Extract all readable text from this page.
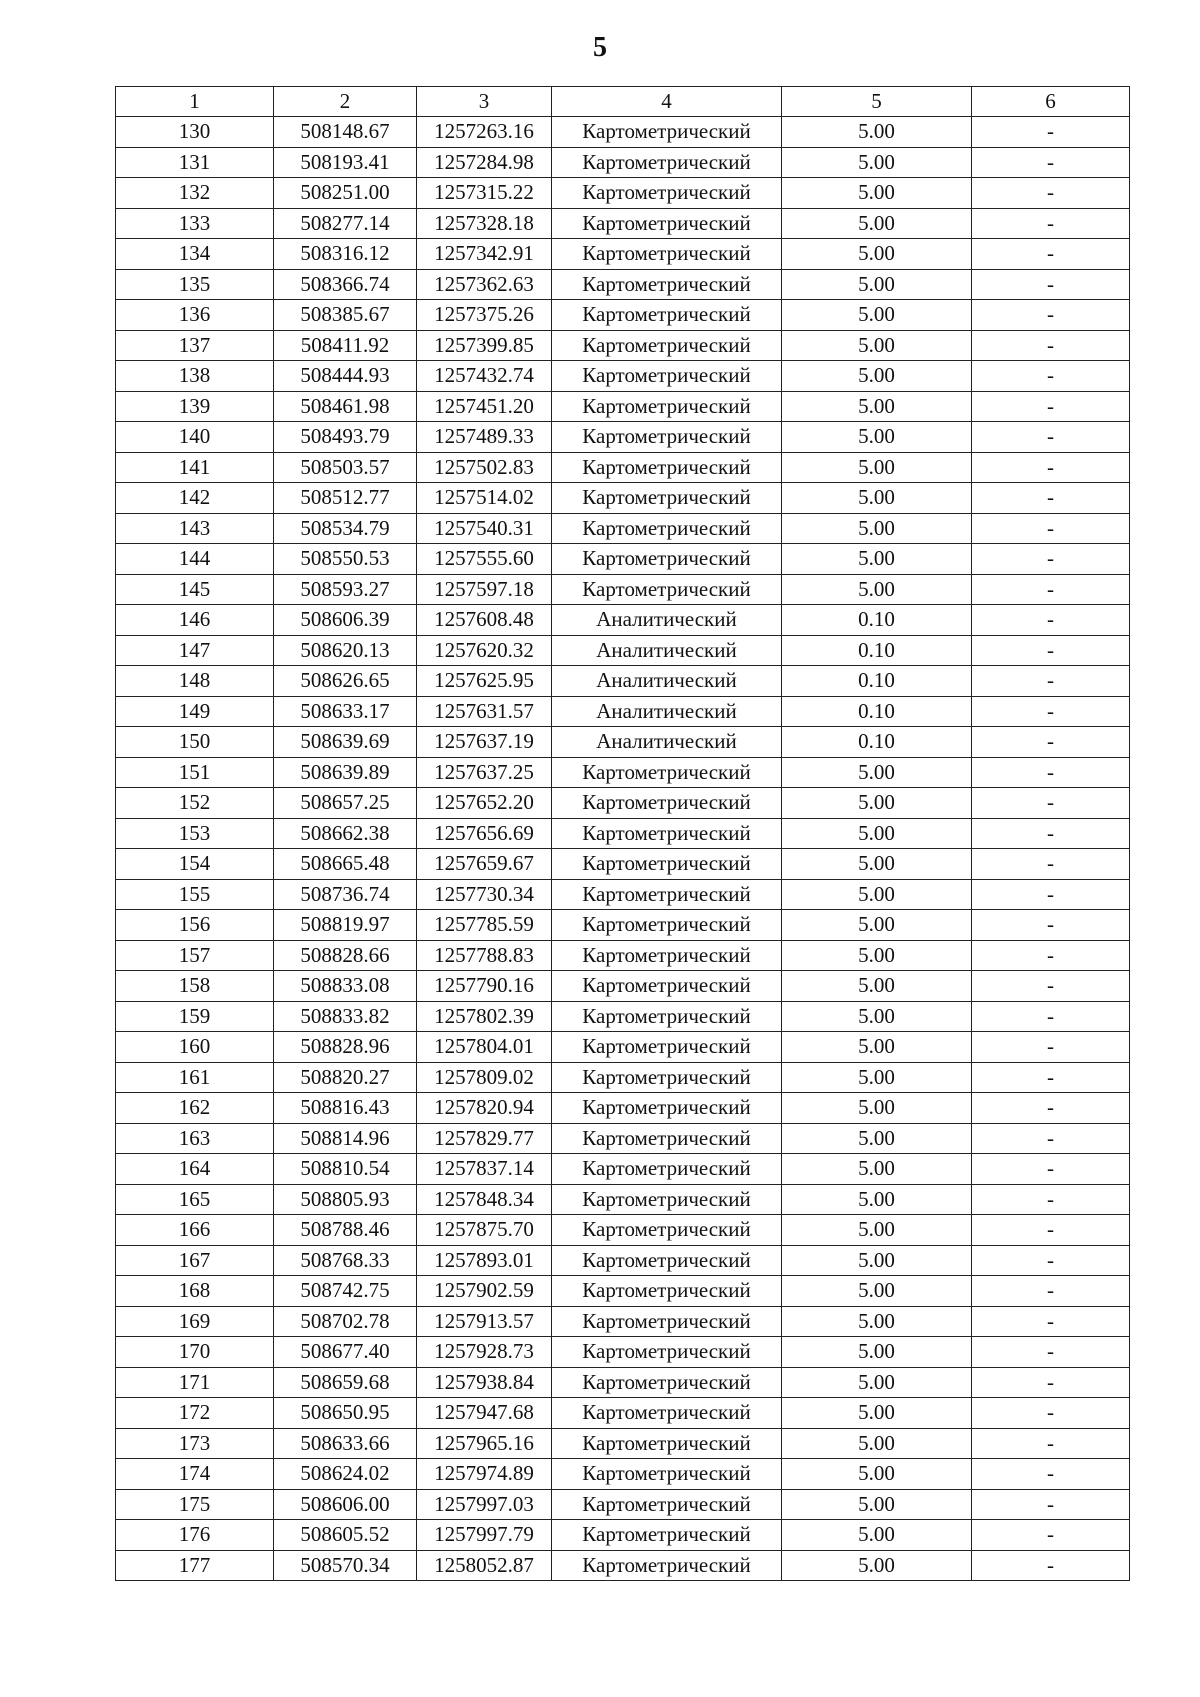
5
1	2	3	4	5	6
130	508148.67	1257263.16	Картометрический	5.00	-
131	508193.41	1257284.98	Картометрический	5.00	-
132	508251.00	1257315.22	Картометрический	5.00	-
133	508277.14	1257328.18	Картометрический	5.00	-
134	508316.12	1257342.91	Картометрический	5.00	-
135	508366.74	1257362.63	Картометрический	5.00	-
136	508385.67	1257375.26	Картометрический	5.00	-
137	508411.92	1257399.85	Картометрический	5.00	-
138	508444.93	1257432.74	Картометрический	5.00	-
139	508461.98	1257451.20	Картометрический	5.00	-
140	508493.79	1257489.33	Картометрический	5.00	-
141	508503.57	1257502.83	Картометрический	5.00	-
142	508512.77	1257514.02	Картометрический	5.00	-
143	508534.79	1257540.31	Картометрический	5.00	-
144	508550.53	1257555.60	Картометрический	5.00	-
145	508593.27	1257597.18	Картометрический	5.00	-
146	508606.39	1257608.48	Аналитический	0.10	-
147	508620.13	1257620.32	Аналитический	0.10	-
148	508626.65	1257625.95	Аналитический	0.10	-
149	508633.17	1257631.57	Аналитический	0.10	-
150	508639.69	1257637.19	Аналитический	0.10	-
151	508639.89	1257637.25	Картометрический	5.00	-
152	508657.25	1257652.20	Картометрический	5.00	-
153	508662.38	1257656.69	Картометрический	5.00	-
154	508665.48	1257659.67	Картометрический	5.00	-
155	508736.74	1257730.34	Картометрический	5.00	-
156	508819.97	1257785.59	Картометрический	5.00	-
157	508828.66	1257788.83	Картометрический	5.00	-
158	508833.08	1257790.16	Картометрический	5.00	-
159	508833.82	1257802.39	Картометрический	5.00	-
160	508828.96	1257804.01	Картометрический	5.00	-
161	508820.27	1257809.02	Картометрический	5.00	-
162	508816.43	1257820.94	Картометрический	5.00	-
163	508814.96	1257829.77	Картометрический	5.00	-
164	508810.54	1257837.14	Картометрический	5.00	-
165	508805.93	1257848.34	Картометрический	5.00	-
166	508788.46	1257875.70	Картометрический	5.00	-
167	508768.33	1257893.01	Картометрический	5.00	-
168	508742.75	1257902.59	Картометрический	5.00	-
169	508702.78	1257913.57	Картометрический	5.00	-
170	508677.40	1257928.73	Картометрический	5.00	-
171	508659.68	1257938.84	Картометрический	5.00	-
172	508650.95	1257947.68	Картометрический	5.00	-
173	508633.66	1257965.16	Картометрический	5.00	-
174	508624.02	1257974.89	Картометрический	5.00	-
175	508606.00	1257997.03	Картометрический	5.00	-
176	508605.52	1257997.79	Картометрический	5.00	-
177	508570.34	1258052.87	Картометрический	5.00	-
